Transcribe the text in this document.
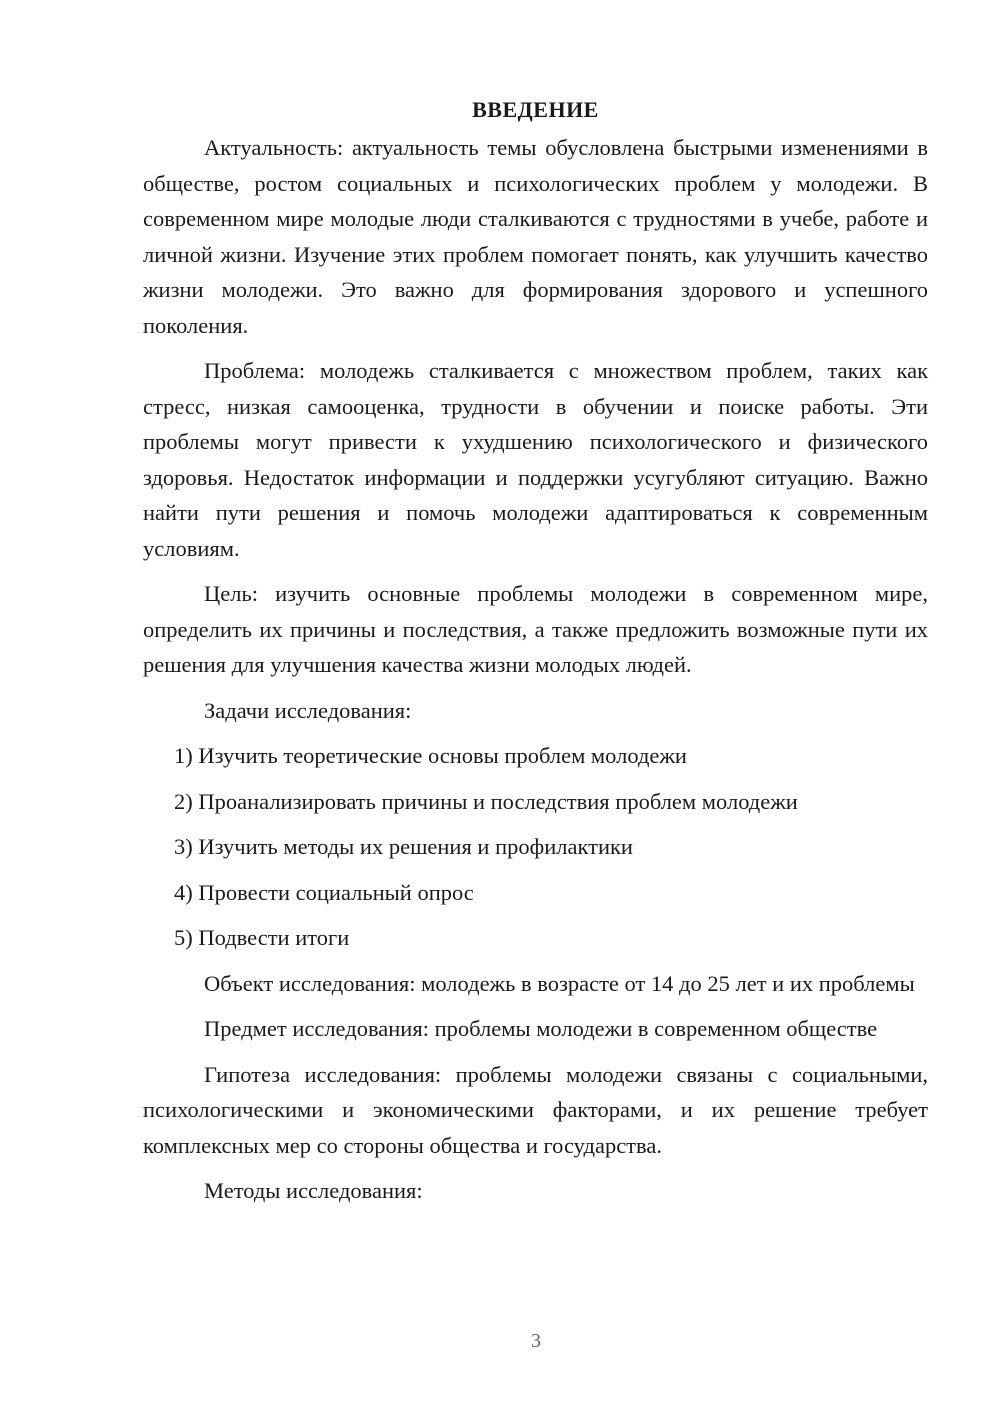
ВВЕДЕНИЕ

Актуальность: актуальность темы обусловлена быстрыми изменениями в обществе, ростом социальных и психологических проблем у молодежи. В современном мире молодые люди сталкиваются с трудностями в учебе, работе и личной жизни. Изучение этих проблем помогает понять, как улучшить качество жизни молодежи. Это важно для формирования здорового и успешного поколения.

Проблема: молодежь сталкивается с множеством проблем, таких как стресс, низкая самооценка, трудности в обучении и поиске работы. Эти проблемы могут привести к ухудшению психологического и физического здоровья. Недостаток информации и поддержки усугубляют ситуацию. Важно найти пути решения и помочь молодежи адаптироваться к современным условиям.

Цель: изучить основные проблемы молодежи в современном мире, определить их причины и последствия, а также предложить возможные пути их решения для улучшения качества жизни молодых людей.

Задачи исследования:

1) Изучить теоретические основы проблем молодежи

2) Проанализировать причины и последствия проблем молодежи

3) Изучить методы их решения и профилактики

4) Провести социальный опрос

5) Подвести итоги

Объект исследования: молодежь в возрасте от 14 до 25 лет и их проблемы

Предмет исследования: проблемы молодежи в современном обществе

Гипотеза исследования: проблемы молодежи связаны с социальными, психологическими и экономическими факторами, и их решение требует комплексных мер со стороны общества и государства.

Методы исследования:

3
